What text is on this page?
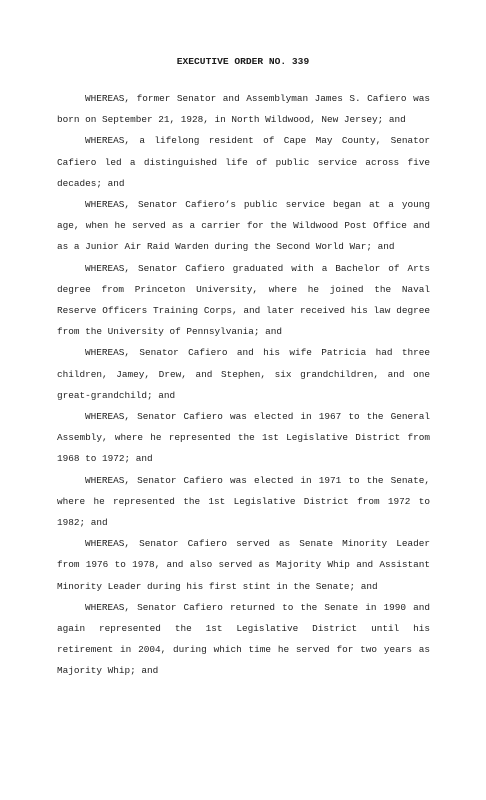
EXECUTIVE ORDER NO. 339

WHEREAS, former Senator and Assemblyman James S. Cafiero was born on September 21, 1928, in North Wildwood, New Jersey; and

WHEREAS, a lifelong resident of Cape May County, Senator Cafiero led a distinguished life of public service across five decades; and

WHEREAS, Senator Cafiero’s public service began at a young age, when he served as a carrier for the Wildwood Post Office and as a Junior Air Raid Warden during the Second World War; and

WHEREAS, Senator Cafiero graduated with a Bachelor of Arts degree from Princeton University, where he joined the Naval Reserve Officers Training Corps, and later received his law degree from the University of Pennsylvania; and

WHEREAS, Senator Cafiero and his wife Patricia had three children, Jamey, Drew, and Stephen, six grandchildren, and one great-grandchild; and

WHEREAS, Senator Cafiero was elected in 1967 to the General Assembly, where he represented the 1st Legislative District from 1968 to 1972; and

WHEREAS, Senator Cafiero was elected in 1971 to the Senate, where he represented the 1st Legislative District from 1972 to 1982; and

WHEREAS, Senator Cafiero served as Senate Minority Leader from 1976 to 1978, and also served as Majority Whip and Assistant Minority Leader during his first stint in the Senate; and

WHEREAS, Senator Cafiero returned to the Senate in 1990 and again represented the 1st Legislative District until his retirement in 2004, during which time he served for two years as Majority Whip; and
